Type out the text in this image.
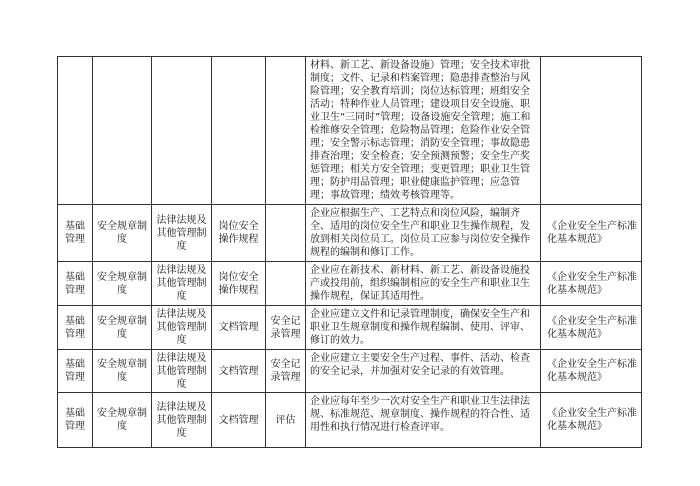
					材料、新工艺、新设备设施）管理；安全技术审批制度；文件、记录和档案管理；隐患排查整治与风险管理；安全教育培训；岗位达标管理；班组安全活动；特种作业人员管理；建设项目安全设施、职业卫生“三同时”管理；设备设施安全管理；施工和检维修安全管理；危险物品管理；危险作业安全管理；安全警示标志管理；消防安全管理；事故隐患排查治理；安全检查；安全预测预警；安全生产奖惩管理；相关方安全管理；变更管理；职业卫生管理；防护用品管理；职业健康监护管理；应急管理；事故管理；绩效考核管理等。	
基础管理	安全规章制度	法律法规及其他管理制度	岗位安全操作规程		企业应根据生产、工艺特点和岗位风险，编制齐全、适用的岗位安全生产和职业卫生操作规程，发放到相关岗位员工。岗位员工应参与岗位安全操作规程的编制和修订工作。	《企业安全生产标准化基本规范》
基础管理	安全规章制度	法律法规及其他管理制度	岗位安全操作规程		企业应在新技术、新材料、新工艺、新设备设施投产或投用前，组织编制相应的安全生产和职业卫生操作规程，保证其适用性。	《企业安全生产标准化基本规范》
基础管理	安全规章制度	法律法规及其他管理制度	文档管理	安全记录管理	企业应建立文件和记录管理制度，确保安全生产和职业卫生规章制度和操作规程编制、使用、评审、修订的效力。	《企业安全生产标准化基本规范》
基础管理	安全规章制度	法律法规及其他管理制度	文档管理	安全记录管理	企业应建立主要安全生产过程、事件、活动、检查的安全记录，并加强对安全记录的有效管理。	《企业安全生产标准化基本规范》
基础管理	安全规章制度	法律法规及其他管理制度	文档管理	评估	企业应每年至少一次对安全生产和职业卫生法律法规、标准规范、规章制度、操作规程的符合性、适用性和执行情况进行检查评审。	《企业安全生产标准化基本规范》
